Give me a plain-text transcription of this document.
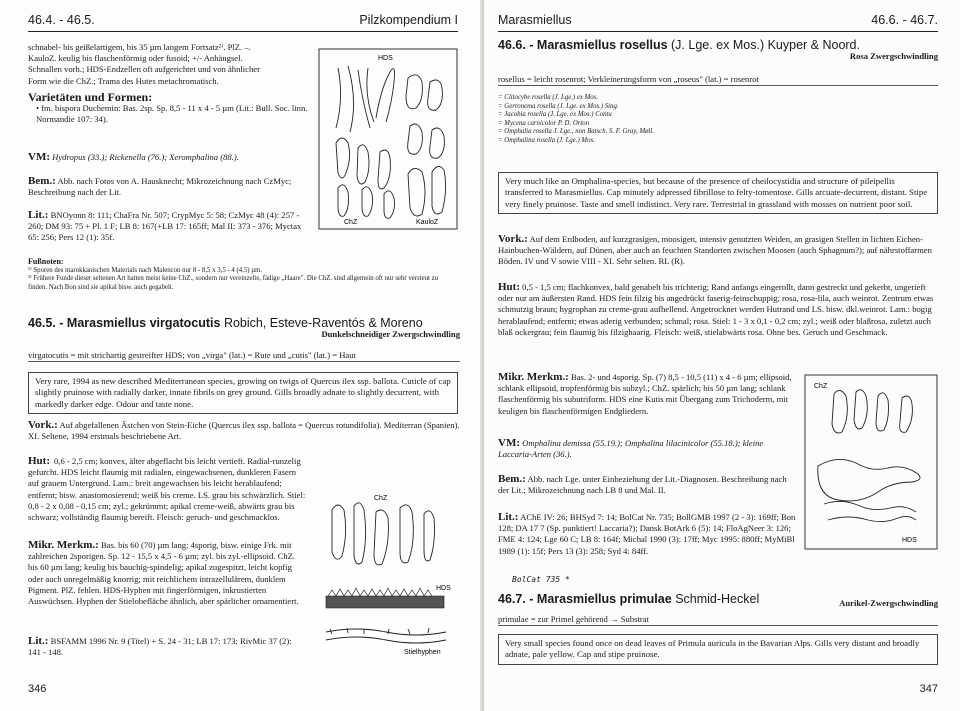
46.4. - 46.5.	Pilzkompendium I

schnabel- bis geißelartigem, bis 35 µm langem Fortsatz²⁾. PlZ. –.

KauloZ. keulig bis flaschenförmig oder fusoid; +/- Anhängsel.

Schnallen vorh.; HDS-Endzellen oft aufgerichtet und von ähnlicher

Form wie die ChZ.; Trama des Hutes metachromatisch.

Varietäten und Formen:

• fm. bispora Duchemin: Bas. 2sp. Sp. 8,5 - 11 x 4 - 5 µm (Lit.: Bull. Soc. linn. Normandie 107: 34).

VM: Hydropus (33.); Rickenella (76.); Xeromphalina (88.).
Bem.: Abb. nach Fotos von A. Hausknecht; Mikrozeichnung nach CzMyc; Beschreibung nach der Lit.
Lit.: BNOyonn 8: 111; ChaFra Nr. 507; CrypMyc 5: 58; CzMyc 48 (4): 257 - 260; DM 93: 75 + Pl. 1 F; LB 8: 167(+LB 17: 165ff; Mal II: 373 - 376; Myctax 65: 256; Pers 12 (1): 35f.
HDS
ChZ	KauloZ

Fußnoten:

¹⁾ Sporen des marokkanischen Materials nach Malencon nur 8 - 8,5 x 3,5 - 4 (4,5) µm.

²⁾ Frühere Funde dieser seltenen Art hatten meist keine ChZ., sondern nur vereinzelte, fädige „Haare". Die ChZ. sind allgemein oft nur sehr versteut zu finden. Nach Bon sind sie apikal bisw. auch gegabelt.

46.5. - Marasmiellus virgatocutis Robich, Esteve-Raventós & Moreno

Dunkelschneidiger Zwergschwindling

virgatocutis = mit strichartig gestreifter HDS; von „virga" (lat.) = Rute und „cutis" (lat.) = Haut

Very rare, 1994 as new described Mediterranean species, growing on twigs of Quercus ilex ssp. ballota. Cuticle of cap slightly pruinose with radially darker, innate fibrils on grey ground. Gills broadly adnate to slightly decurrent, with markedly darker edge. Odour and taste none.

Vork.: Auf abgefallenen Ästchen von Stein-Eiche (Quercus ilex ssp. ballota = Quercus rotundifolia). Mediterran (Spanien). XI. Seltene, 1994 erstmals beschriebene Art.
Hut: 0,6 - 2,5 cm; konvex, älter abgeflacht bis leicht vertieft. Radial-runzelig gefurcht. HDS leicht flaumig mit radialen, eingewachsenen, dunkleren Fasern auf grauem Untergrund. Lam.: breit angewachsen bis leicht herablaufend; entfernt; bisw. anastomosierend; weiß bis creme. LS. grau bis schwärzlich. Stiel: 0,8 - 2 x 0,08 - 0,15 cm; zyl.; gekrümmt; apikal creme-weiß, abwärts grau bis schwarz; vollständig flaumig bereift. Fleisch: geruch- und geschmacklos.

Mikr. Merkm.: Bas. bis 60 (70) µm lang; 4sporig, bisw. einige Frk. mit zahlreichen 2sporigen. Sp. 12 - 15,5 x 4,5 - 6 µm; zyl. bis zyl.-ellipsoid. ChZ. bis 60 µm lang; keulig bis bauchig-spindelig; apikal zugespitzt, leicht kopfig oder auch unregelmäßig knorrig; mit reichlichem intrazellulärem, dunklem Pigment. PlZ. fehlen. HDS-Hyphen mit fingerförmigen, inkrustierten Auswüchsen. Hyphen der Stielobefläche ähnlich, aber spärlicher ornamentiert.
Lit.: BSFAMM 1996 Nr. 9 (Titel) + S. 24 - 31; LB 17: 173; RivMic 37 (2): 141 - 148.
ChZ
HDS
Stielhyphen
346
Marasmiellus	46.6. - 46.7.

46.6. - Marasmiellus rosellus (J. Lge. ex Mos.) Kuyper & Noord.

Rosa Zwergschwindling

rosellus = leicht rosenrot; Verkleinerungsform von „roseus" (lat.) = rosenrot

= Clitocybe rosella (J. Lge.) ex Mos.

= Gerronema rosella (J. Lge. ex Mos.) Sing.

= Jacobia rosella (J. Lge. ex Mos.) Contu

= Mycena carnicolor P. D. Orton

= Omphalia rosella J. Lge., non Batsch, S. F. Gray, Møll.

= Omphalina rosella (J. Lge.) Mos.

Very much like an Omphalina-species, but because of the presence of cheilocystidia and structure of pileipellis transferred to Marasmiellus. Cap minutely adpressed fibrillose to felty-tomentose. Gills arcuate-decurrent, distant. Stipe very finely pruinose. Taste and smell indistinct. Very rare. Terrestrial in grassland with mosses on nutrient poor soil.

Vork.: Auf dem Erdboden, auf kurzgrasigen, moosigen, intensiv genutzten Weiden, an grasigen Stellen in lichten Eichen-Hainbuchen-Wäldern, auf Dünen, aber auch an feuchten Standorten zwischen Moosen (auch Sphagnum?); auf nährstoffarmen Böden. IV und V sowie VIII - XI. Sehr selten. RL (R).
Hut: 0,5 - 1,5 cm; flachkonvex, bald genabelt bis trichterig; Rand anfangs eingerollt, dann gestreckt und gekerbt, ungerieft oder nur am äußersten Rand. HDS fein filzig bis angedrückt faserig-feinschuppig; rosa, rosa-lila, auch weinrot. Zentrum etwas schmutzig braun; hygrophan zu creme-grau aufhellend. Angetrocknet werden Hutrand und LS. bisw. dkl.weinrot. Lam.: bogig herablaufend; entfernt; etwas aderig verbunden; schmal; rosa. Stiel: 1 - 3 x 0,1 - 0,2 cm; zyl.; weiß oder blaßrosa, zuletzt auch blaß ockergrau; fein flaumig bis filzighaarig. Fleisch: weiß, stielabwärts rosa. Ohne bes. Geruch und Geschmack.
Mikr. Merkm.: Bas. 2- und 4sporig. Sp. (7) 8,5 - 10,5 (11) x 4 - 6 µm; ellipsoid, schlank ellipsoid, tropfenförmig bis subzyl.; ChZ. spärlich; bis 50 µm lang; schlank flaschenförmig bis subutriform. HDS eine Kutis mit Übergang zum Trichoderm, mit keuligen bis flaschenförmigen Endgliedern.
VM: Omphalina demissa (55.19.); Omphalina lilacinicolor (55.18.); kleine Laccaria-Arten (36.).
Bem.: Abb. nach Lge. unter Einbeziehung der Lit.-Diagnosen. Beschreibung nach der Lit.; Mikrozeichnung nach LB 8 und Mal. II.
Lit.: AChE IV: 26; BHSyd 7: 14; BolCat Nr. 735; BollGMB 1997 (2 - 3): 169ff; Bon 128; DA 17 7 (Sp. punktiert! Laccaria?); Dansk BotArk 6 (5): 14; FloAgNeer 3: 126; FME 4: 124; Lge 60 C; LB 8: 164f; Michal 1990 (3): 17ff; Myc 1995: 880ff; MyMiBl 1989 (1): 15f; Pers 13 (3): 258; Syd 4: 84ff.
BolCat 735 *
ChZ
HDS

46.7. - Marasmiellus primulae Schmid-Heckel	Aurikel-Zwergschwindling

primulae = zur Primel gehörend → Substrat

Very small species found once on dead leaves of Primula auricula in the Bavarian Alps. Gills very distant and broadly adnate, pale yellow. Cap and stipe pruinose.

347
